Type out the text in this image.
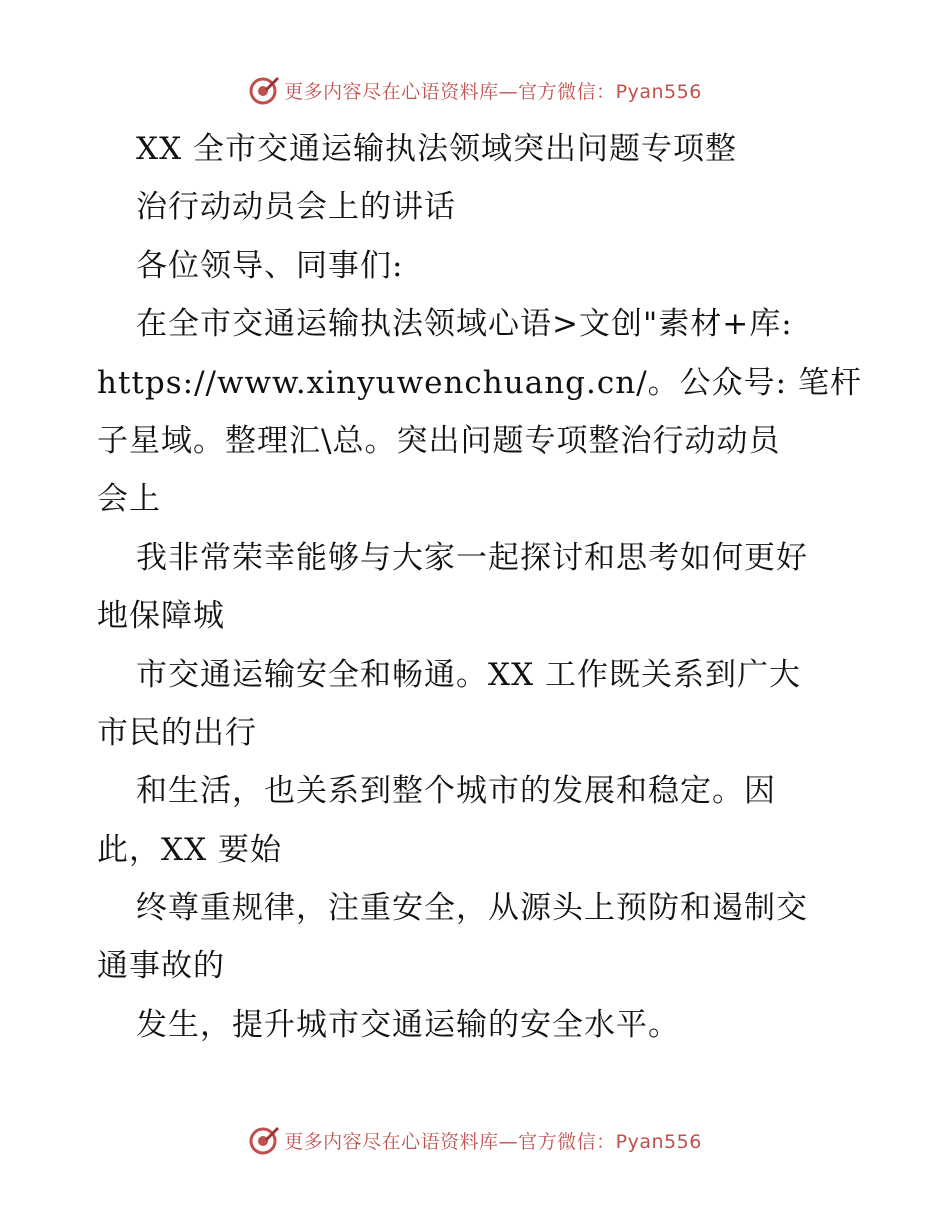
更多内容尽在心语资料库—官方微信：Pyan556
XX 全市交通运输执法领域突出问题专项整
治行动动员会上的讲话
各位领导、同事们:
在全市交通运输执法领域心语>文创"素材+库:
https://www.xinyuwenchuang.cn/。公众号: 笔杆
子星域。整理汇\总。突出问题专项整治行动动员
会上
我非常荣幸能够与大家一起探讨和思考如何更好
地保障城
市交通运输安全和畅通。XX 工作既关系到广大
市民的出行
和生活，也关系到整个城市的发展和稳定。因
此，XX 要始
终尊重规律，注重安全，从源头上预防和遏制交
通事故的
发生，提升城市交通运输的安全水平。
更多内容尽在心语资料库—官方微信：Pyan556
